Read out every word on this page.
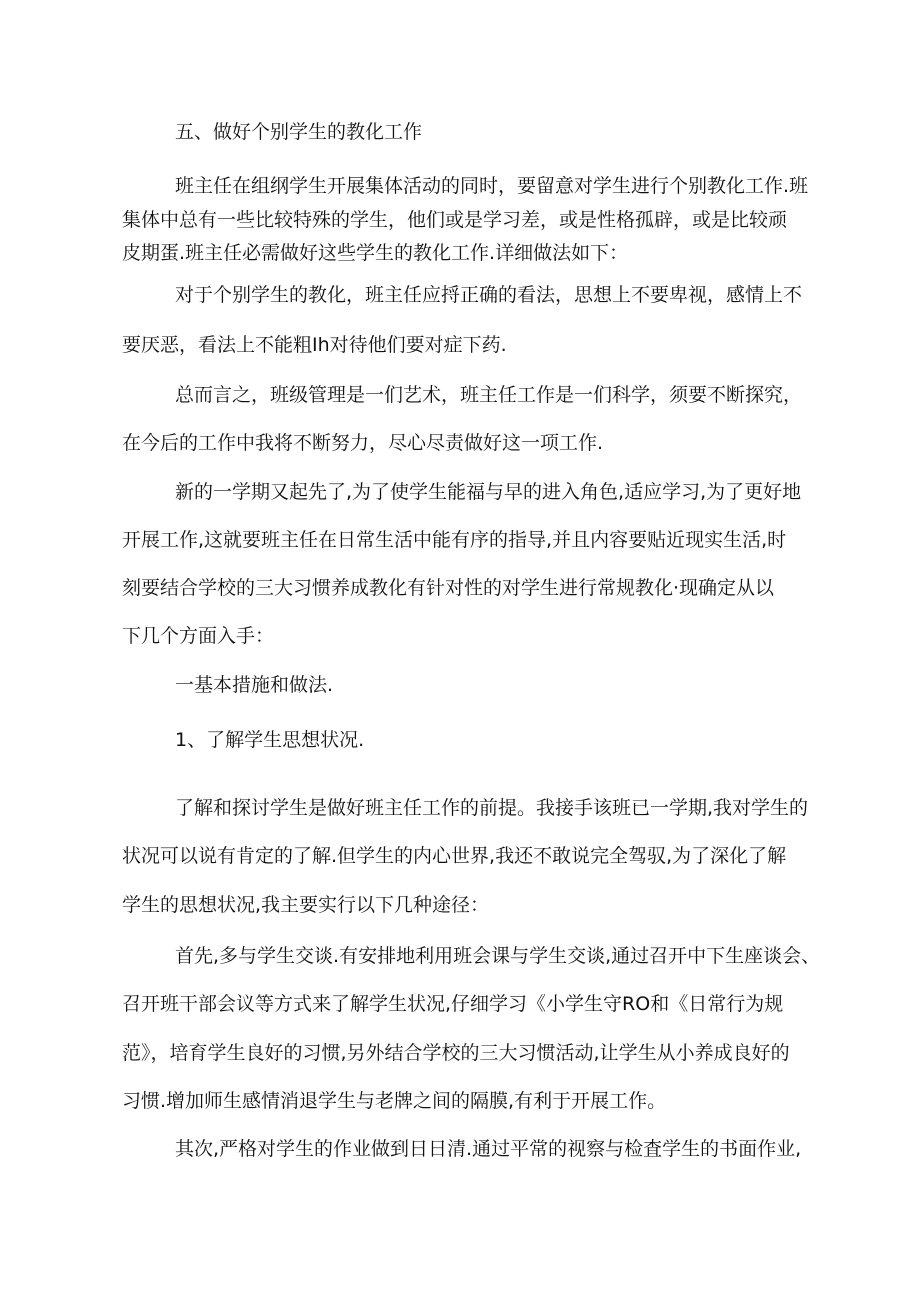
五、做好个别学生的教化工作
班主任在组纲学生开展集体活动的同时，要留意对学生进行个别教化工作.班
集体中总有一些比较特殊的学生，他们或是学习差，或是性格孤辟，或是比较顽
皮期蛋.班主任必需做好这些学生的教化工作.详细做法如下：
对于个别学生的教化，班主任应捋正确的看法，思想上不要卑视，感情上不
要厌恶，看法上不能粗Ih对待他们要对症下药.
总而言之，班级管理是一们艺术，班主任工作是一们科学，须要不断探究，
在今后的工作中我将不断努力，尽心尽责做好这一项工作.
新的一学期又起先了,为了使学生能福与早的进入角色,适应学习,为了更好地
开展工作,这就要班主任在日常生活中能有序的指导,并且内容要贴近现实生活,时
刻要结合学校的三大习惯养成教化有针对性的对学生进行常规教化·现确定从以
下几个方面入手：
一基本措施和做法.
1、了解学生思想状况.
了解和探讨学生是做好班主任工作的前提。我接手该班已一学期,我对学生的
状况可以说有肯定的了解.但学生的内心世界,我还不敢说完全驾驭,为了深化了解
学生的思想状况,我主要实行以下几种途径：
首先,多与学生交谈.有安排地利用班会课与学生交谈,通过召开中下生座谈会、
召开班干部会议等方式来了解学生状况,仔细学习《小学生守RO和《日常行为规
范》，培育学生良好的习惯,另外结合学校的三大习惯活动,让学生从小养成良好的
习惯.增加师生感情消退学生与老牌之间的隔膜,有利于开展工作。
其次,严格对学生的作业做到日日清.通过平常的视察与检査学生的书面作业,
